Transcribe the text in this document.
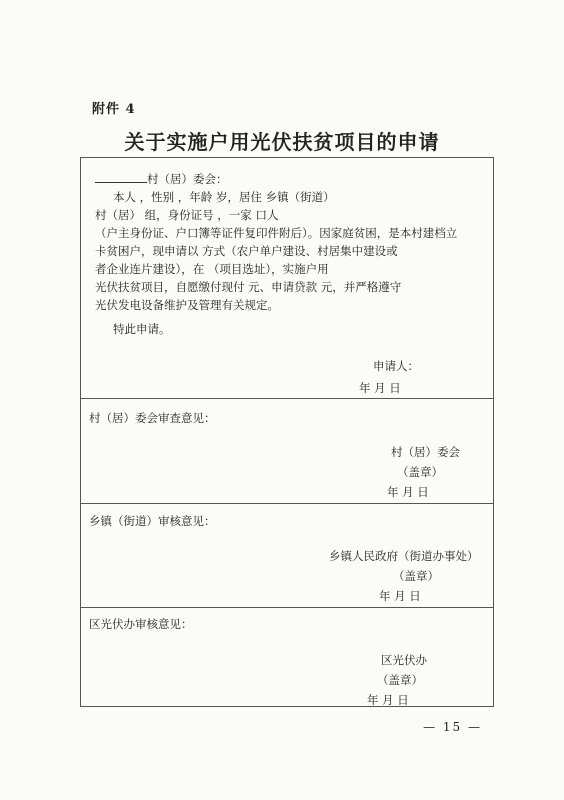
附件 4
关于实施户用光伏扶贫项目的申请
村（居）委会：
本人 ，性别 ，年龄 岁，居住 乡镇（街道）
村（居） 组，身份证号 ，一家 口人
（户主身份证、户口簿等证件复印件附后）。因家庭贫困，是本村建档立
卡贫困户，现申请以 方式（农户单户建设、村居集中建设或
者企业连片建设），在 （项目选址），实施户用
光伏扶贫项目，自愿缴付现付 元、申请贷款 元，并严格遵守
光伏发电设备维护及管理有关规定。
特此申请。
申请人：
年 月 日
村（居）委会审查意见：
村（居）委会
（盖章）
年 月 日
乡镇（街道）审核意见：
乡镇人民政府（街道办事处）
（盖章）
年 月 日
区光伏办审核意见：
区光伏办
（盖章）
年 月 日
— 15 —
